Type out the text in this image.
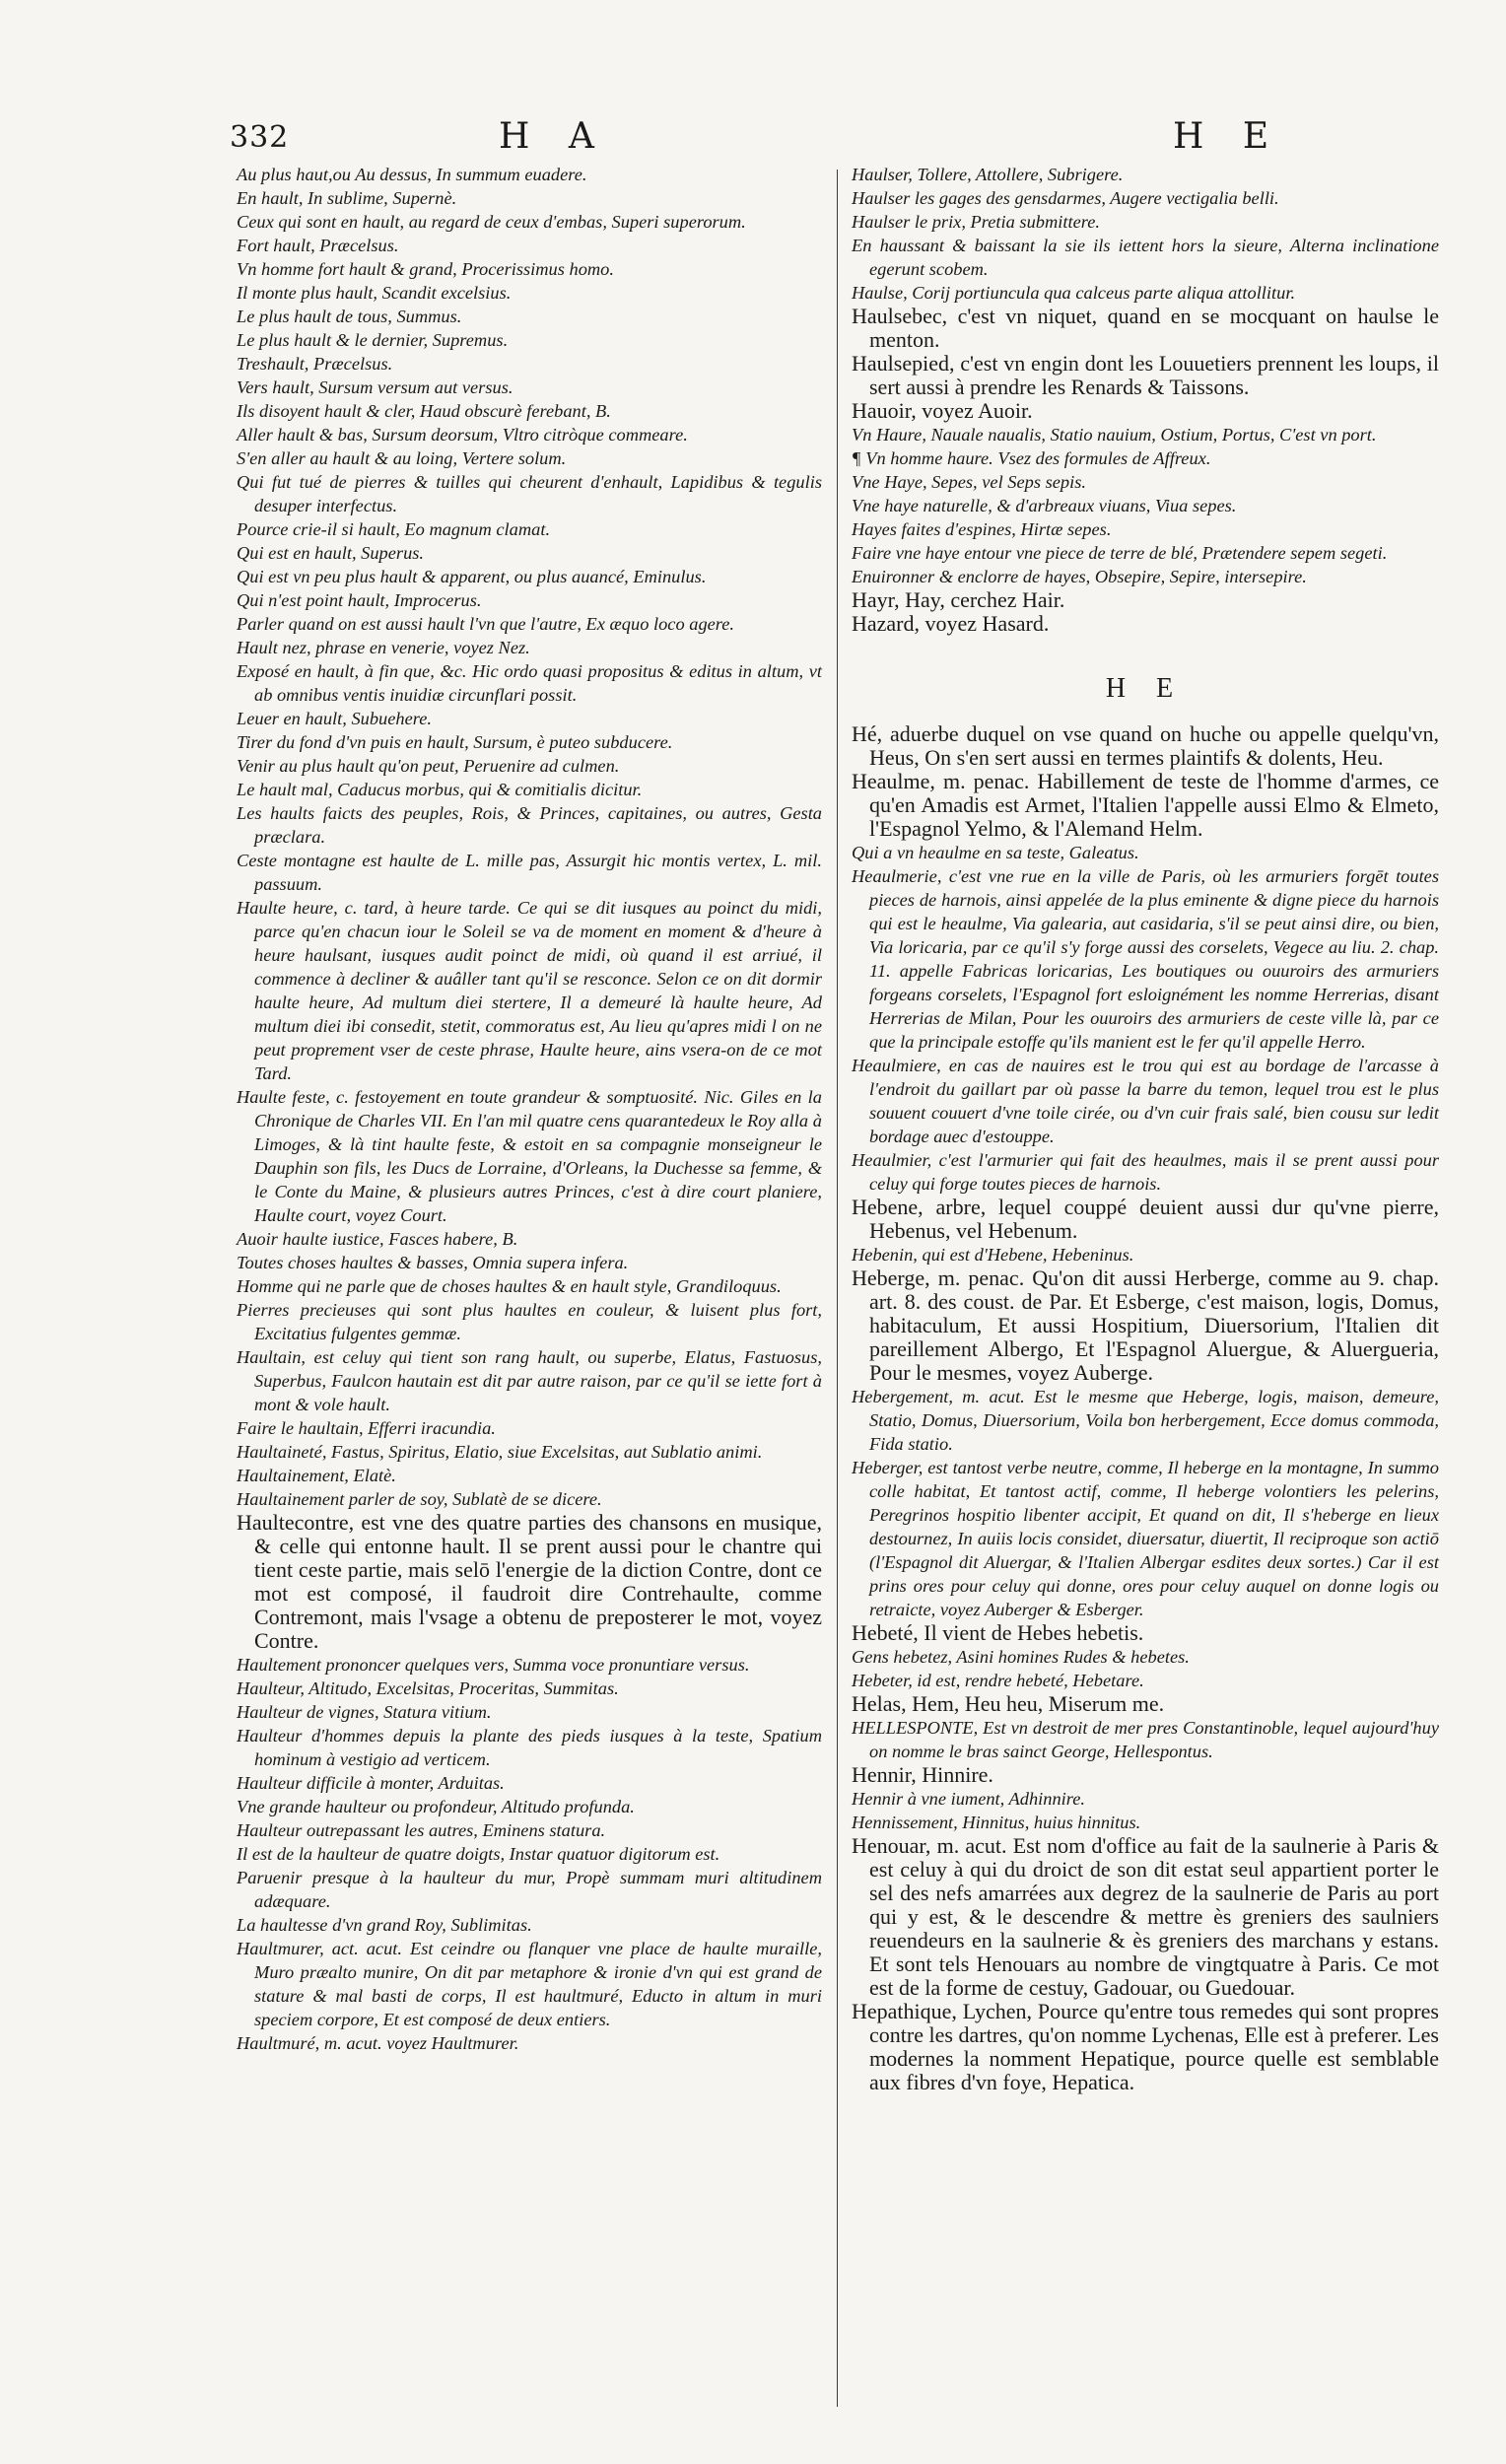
332	H A	H E

Au plus haut,ou Au dessus, In summum euadere.

En hault, In sublime, Supernè.

Ceux qui sont en hault, au regard de ceux d'embas, Superi superorum.

Fort hault, Præcelsus.

Vn homme fort hault & grand, Procerissimus homo.

Il monte plus hault, Scandit excelsius.

Le plus hault de tous, Summus.

Le plus hault & le dernier, Supremus.

Treshault, Præcelsus.

Vers hault, Sursum versum aut versus.

Ils disoyent hault & cler, Haud obscurè ferebant, B.

Aller hault & bas, Sursum deorsum, Vltro citròque commeare.

S'en aller au hault & au loing, Vertere solum.

Qui fut tué de pierres & tuilles qui cheurent d'enhault, Lapidibus & tegulis desuper interfectus.

Pource crie-il si hault, Eo magnum clamat.

Qui est en hault, Superus.

Qui est vn peu plus hault & apparent, ou plus auancé, Eminulus.

Qui n'est point hault, Improcerus.

Parler quand on est aussi hault l'vn que l'autre, Ex æquo loco agere.

Hault nez, phrase en venerie, voyez Nez.

Exposé en hault, à fin que, &c. Hic ordo quasi propositus & editus in altum, vt ab omnibus ventis inuidiæ circunflari possit.

Leuer en hault, Subuehere.

Tirer du fond d'vn puis en hault, Sursum, è puteo subducere.

Venir au plus hault qu'on peut, Peruenire ad culmen.

Le hault mal, Caducus morbus, qui & comitialis dicitur.

Les haults faicts des peuples, Rois, & Princes, capitaines, ou autres, Gesta præclara.

Ceste montagne est haulte de L. mille pas, Assurgit hic montis vertex, L. mil. passuum.

Haulte heure, c. tard, à heure tarde. Ce qui se dit iusques au poinct du midi, parce qu'en chacun iour le Soleil se va de moment en moment & d'heure à heure haulsant, iusques audit poinct de midi, où quand il est arriué, il commence à decliner & auâller tant qu'il se resconce. Selon ce on dit dormir haulte heure, Ad multum diei stertere, Il a demeuré là haulte heure, Ad multum diei ibi consedit, stetit, commoratus est, Au lieu qu'apres midi l on ne peut proprement vser de ceste phrase, Haulte heure, ains vsera-on de ce mot Tard.

Haulte feste, c. festoyement en toute grandeur & somptuosité. Nic. Giles en la Chronique de Charles VII. En l'an mil quatre cens quarantedeux le Roy alla à Limoges, & là tint haulte feste, & estoit en sa compagnie monseigneur le Dauphin son fils, les Ducs de Lorraine, d'Orleans, la Duchesse sa femme, & le Conte du Maine, & plusieurs autres Princes, c'est à dire court planiere, Haulte court, voyez Court.

Auoir haulte iustice, Fasces habere, B.

Toutes choses haultes & basses, Omnia supera infera.

Homme qui ne parle que de choses haultes & en hault style, Grandiloquus.

Pierres precieuses qui sont plus haultes en couleur, & luisent plus fort, Excitatius fulgentes gemmæ.

Haultain, est celuy qui tient son rang hault, ou superbe, Elatus, Fastuosus, Superbus, Faulcon hautain est dit par autre raison, par ce qu'il se iette fort à mont & vole hault.

Faire le haultain, Efferri iracundia.

Haultaineté, Fastus, Spiritus, Elatio, siue Excelsitas, aut Sublatio animi.

Haultainement, Elatè.

Haultainement parler de soy, Sublatè de se dicere.

Haultecontre, est vne des quatre parties des chansons en musique, & celle qui entonne hault. Il se prent aussi pour le chantre qui tient ceste partie, mais selō l'energie de la diction Contre, dont ce mot est composé, il faudroit dire Contrehaulte, comme Contremont, mais l'vsage a obtenu de preposterer le mot, voyez Contre.

Haultement prononcer quelques vers, Summa voce pronuntiare versus.

Haulteur, Altitudo, Excelsitas, Proceritas, Summitas.

Haulteur de vignes, Statura vitium.

Haulteur d'hommes depuis la plante des pieds iusques à la teste, Spatium hominum à vestigio ad verticem.

Haulteur difficile à monter, Arduitas.

Vne grande haulteur ou profondeur, Altitudo profunda.

Haulteur outrepassant les autres, Eminens statura.

Il est de la haulteur de quatre doigts, Instar quatuor digitorum est.

Paruenir presque à la haulteur du mur, Propè summam muri altitudinem adæquare.

La haultesse d'vn grand Roy, Sublimitas.

Haultmurer, act. acut. Est ceindre ou flanquer vne place de haulte muraille, Muro præalto munire, On dit par metaphore & ironie d'vn qui est grand de stature & mal basti de corps, Il est haultmuré, Educto in altum in muri speciem corpore, Et est composé de deux entiers.

Haultmuré, m. acut. voyez Haultmurer.

Haulser, Tollere, Attollere, Subrigere.

Haulser les gages des gensdarmes, Augere vectigalia belli.

Haulser le prix, Pretia submittere.

En haussant & baissant la sie ils iettent hors la sieure, Alterna inclinatione egerunt scobem.

Haulse, Corij portiuncula qua calceus parte aliqua attollitur.

Haulsebec, c'est vn niquet, quand en se mocquant on haulse le menton.

Haulsepied, c'est vn engin dont les Louuetiers prennent les loups, il sert aussi à prendre les Renards & Taissons.

Hauoir, voyez Auoir.

Vn Haure, Nauale naualis, Statio nauium, Ostium, Portus, C'est vn port.

¶ Vn homme haure. Vsez des formules de Affreux.

Vne Haye, Sepes, vel Seps sepis.

Vne haye naturelle, & d'arbreaux viuans, Viua sepes.

Hayes faites d'espines, Hirtæ sepes.

Faire vne haye entour vne piece de terre de blé, Prætendere sepem segeti.

Enuironner & enclorre de hayes, Obsepire, Sepire, intersepire.

Hayr, Hay, cerchez Hair.

Hazard, voyez Hasard.

H E

Hé, aduerbe duquel on vse quand on huche ou appelle quelqu'vn, Heus, On s'en sert aussi en termes plaintifs & dolents, Heu.

Heaulme, m. penac. Habillement de teste de l'homme d'armes, ce qu'en Amadis est Armet, l'Italien l'appelle aussi Elmo & Elmeto, l'Espagnol Yelmo, & l'Alemand Helm.

Qui a vn heaulme en sa teste, Galeatus.

Heaulmerie, c'est vne rue en la ville de Paris, où les armuriers forgēt toutes pieces de harnois, ainsi appelée de la plus eminente & digne piece du harnois qui est le heaulme, Via galearia, aut casidaria, s'il se peut ainsi dire, ou bien, Via loricaria, par ce qu'il s'y forge aussi des corselets, Vegece au liu. 2. chap. 11. appelle Fabricas loricarias, Les boutiques ou ouuroirs des armuriers forgeans corselets, l'Espagnol fort esloignément les nomme Herrerias, disant Herrerias de Milan, Pour les ouuroirs des armuriers de ceste ville là, par ce que la principale estoffe qu'ils manient est le fer qu'il appelle Herro.

Heaulmiere, en cas de nauires est le trou qui est au bordage de l'arcasse à l'endroit du gaillart par où passe la barre du temon, lequel trou est le plus souuent couuert d'vne toile cirée, ou d'vn cuir frais salé, bien cousu sur ledit bordage auec d'estouppe.

Heaulmier, c'est l'armurier qui fait des heaulmes, mais il se prent aussi pour celuy qui forge toutes pieces de harnois.

Hebene, arbre, lequel couppé deuient aussi dur qu'vne pierre, Hebenus, vel Hebenum.

Hebenin, qui est d'Hebene, Hebeninus.

Heberge, m. penac. Qu'on dit aussi Herberge, comme au 9. chap. art. 8. des coust. de Par. Et Esberge, c'est maison, logis, Domus, habitaculum, Et aussi Hospitium, Diuersorium, l'Italien dit pareillement Albergo, Et l'Espagnol Aluergue, & Aluergueria, Pour le mesmes, voyez Auberge.

Hebergement, m. acut. Est le mesme que Heberge, logis, maison, demeure, Statio, Domus, Diuersorium, Voila bon herbergement, Ecce domus commoda, Fida statio.

Heberger, est tantost verbe neutre, comme, Il heberge en la montagne, In summo colle habitat, Et tantost actif, comme, Il heberge volontiers les pelerins, Peregrinos hospitio libenter accipit, Et quand on dit, Il s'heberge en lieux destournez, In auiis locis considet, diuersatur, diuertit, Il reciproque son actiō (l'Espagnol dit Aluergar, & l'Italien Albergar esdites deux sortes.) Car il est prins ores pour celuy qui donne, ores pour celuy auquel on donne logis ou retraicte, voyez Auberger & Esberger.

Hebeté, Il vient de Hebes hebetis.

Gens hebetez, Asini homines Rudes & hebetes.

Hebeter, id est, rendre hebeté, Hebetare.

Helas, Hem, Heu heu, Miserum me.

HELLESPONTE, Est vn destroit de mer pres Constantinoble, lequel aujourd'huy on nomme le bras sainct George, Hellespontus.

Hennir, Hinnire.

Hennir à vne iument, Adhinnire.

Hennissement, Hinnitus, huius hinnitus.

Henouar, m. acut. Est nom d'office au fait de la saulnerie à Paris & est celuy à qui du droict de son dit estat seul appartient porter le sel des nefs amarrées aux degrez de la saulnerie de Paris au port qui y est, & le descendre & mettre ès greniers des saulniers reuendeurs en la saulnerie & ès greniers des marchans y estans. Et sont tels Henouars au nombre de vingtquatre à Paris. Ce mot est de la forme de cestuy, Gadouar, ou Guedouar.

Hepathique, Lychen, Pource qu'entre tous remedes qui sont propres contre les dartres, qu'on nomme Lychenas, Elle est à preferer. Les modernes la nomment Hepatique, pource quelle est semblable aux fibres d'vn foye, Hepatica.
